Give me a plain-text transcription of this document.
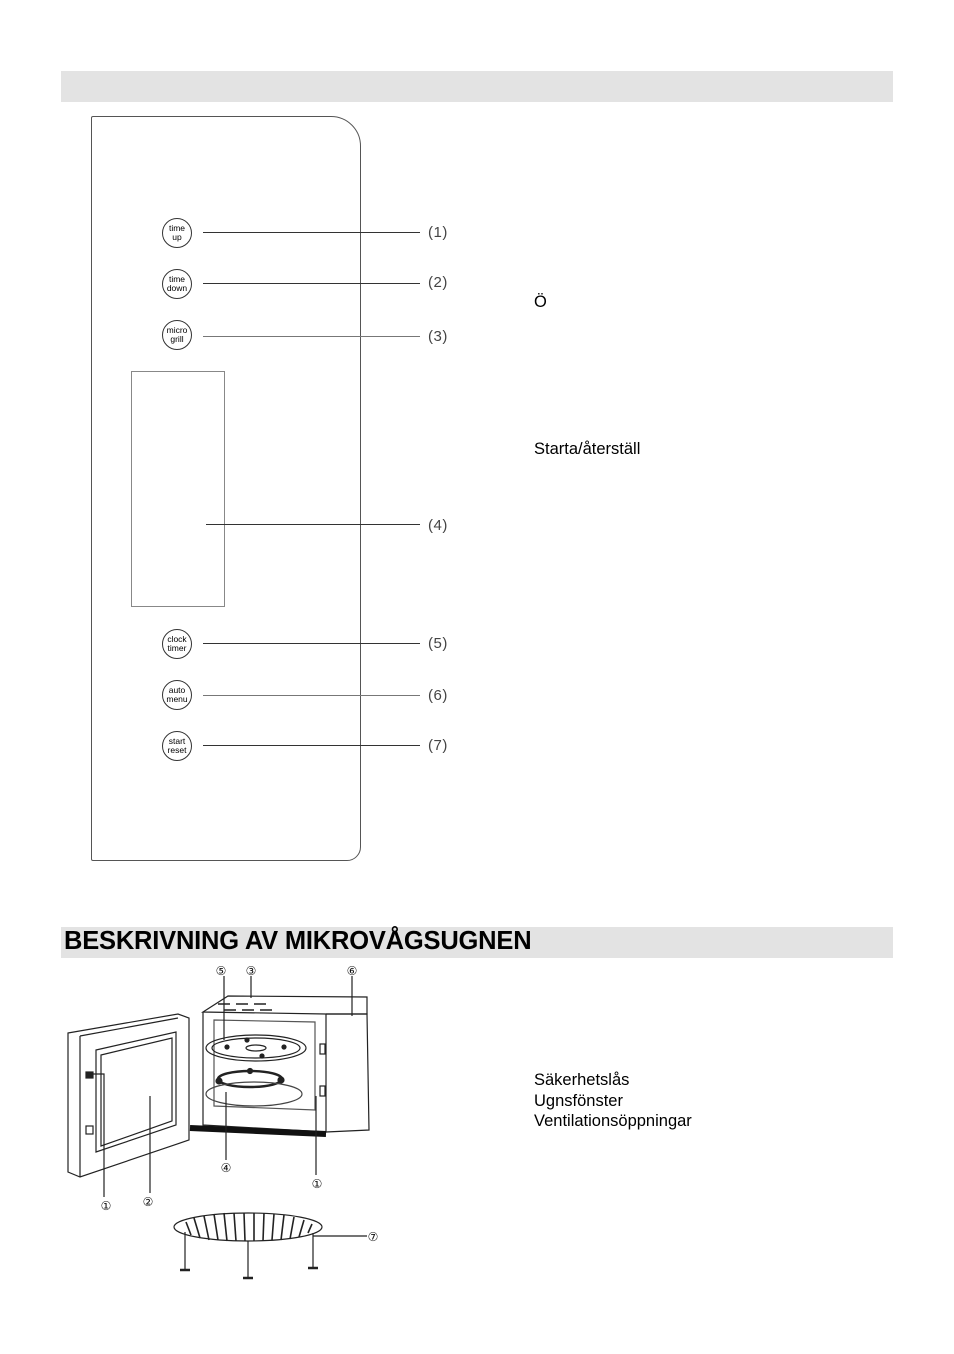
BESKRIVNING AV MIKROVÅGSUGNEN
time
up
time
down
micro
grill
clock
timer
auto
menu
start
reset
(1)
(2)
(3)
(4)
(5)
(6)
(7)
Ö
Starta/återställ
Säkerhetslås
Ugnsfönster
Ventilationsöppningar
⑤ ③	⑥
④
①
②
①
⑦
